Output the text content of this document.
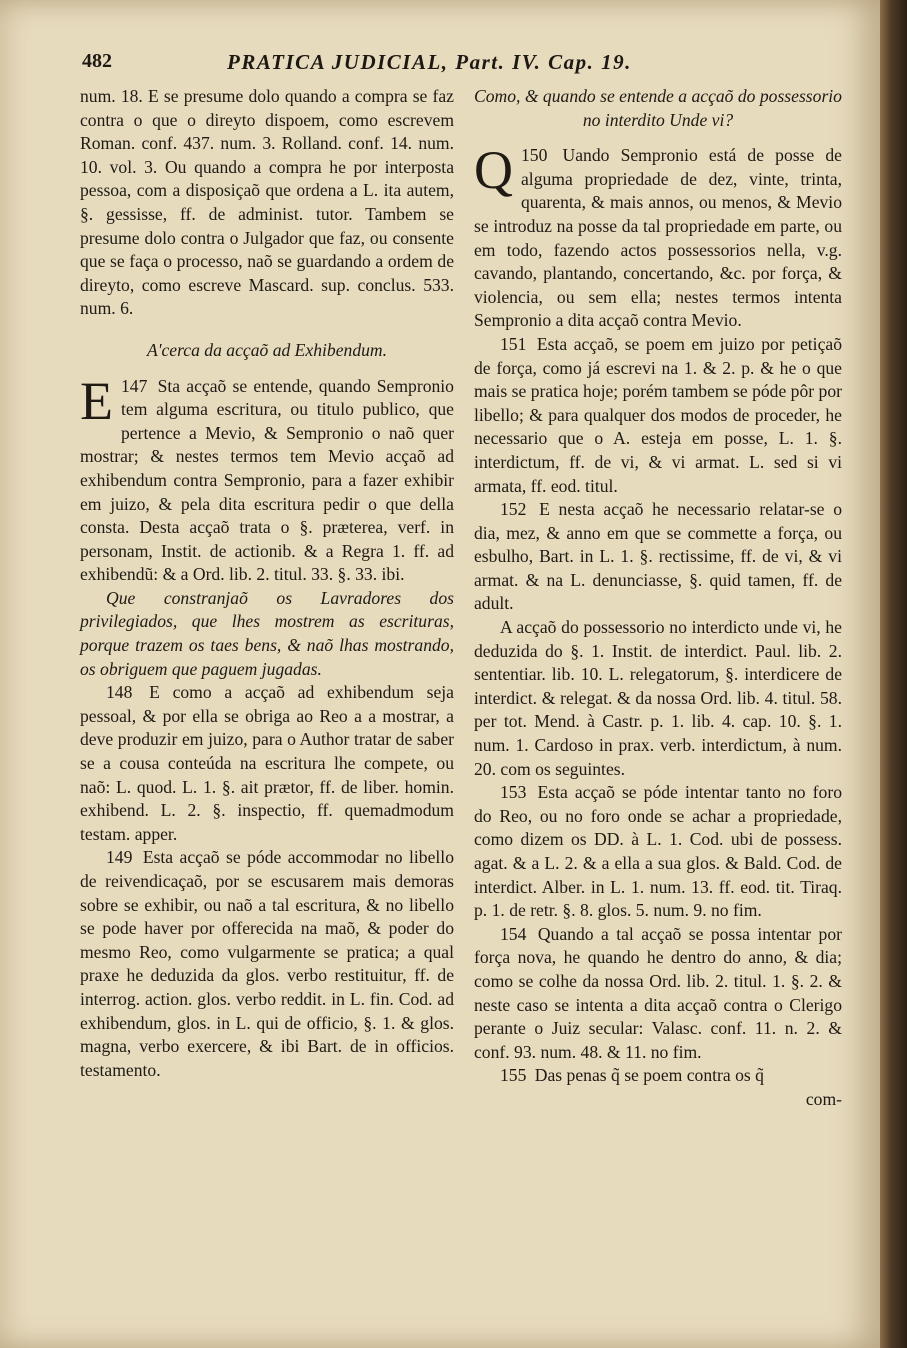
482	PRATICA JUDICIAL, Part. IV. Cap. 19.

num. 18. E se presume dolo quando a compra se faz contra o que o direyto dispoem, como escrevem Roman. conf. 437. num. 3. Rolland. conf. 14. num. 10. vol. 3. Ou quando a compra he por interposta pessoa, com a disposiçaõ que ordena a L. ita autem, §. gessisse, ff. de administ. tutor. Tambem se presume dolo contra o Julgador que faz, ou consente que se faça o processo, naõ se guardando a ordem de direyto, como escreve Mascard. sup. conclus. 533. num. 6.

A'cerca da acçaõ ad Exhibendum.

147
E	Sta acçaõ se entende, quando Sempronio tem alguma escritura, ou titulo publico, que pertence a Mevio, & Sempronio o naõ quer mostrar; & nestes termos tem Mevio acçaõ ad exhibendum contra Sempronio, para a fazer exhibir em juizo, & pela dita escritura pedir o que della consta. Desta acçaõ trata o §. præterea, verf. in personam, Instit. de actionib. & a Regra 1. ff. ad exhibendũ: & a Ord. lib. 2. titul. 33. §. 33. ibi.

Que constranjaõ os Lavradores dos privilegiados, que lhes mostrem as escrituras, porque trazem os taes bens, & naõ lhas mostrando, os obriguem que paguem jugadas.

148 E como a acçaõ ad exhibendum seja pessoal, & por ella se obriga ao Reo a a mostrar, a deve produzir em juizo, para o Author tratar de saber se a cousa conteúda na escritura lhe compete, ou naõ: L. quod. L. 1. §. ait prætor, ff. de liber. homin. exhibend. L. 2. §. inspectio, ff. quemadmodum testam. apper.

149 Esta acçaõ se póde accommodar no libello de reivendicaçaõ, por se escusarem mais demoras sobre se exhibir, ou naõ a tal escritura, & no libello se pode haver por offerecida na maõ, & poder do mesmo Reo, como vulgarmente se pratica; a qual praxe he deduzida da glos. verbo restituitur, ff. de interrog. action. glos. verbo reddit. in L. fin. Cod. ad exhibendum, glos. in L. qui de officio, §. 1. & glos. magna, verbo exercere, & ibi Bart. de in officios. testamento.

Como, & quando se entende a acçaõ do possessorio no interdito Unde vi?

150
Q	Uando Sempronio está de posse de alguma propriedade de dez, vinte, trinta, quarenta, & mais annos, ou menos, & Mevio se introduz na posse da tal propriedade em parte, ou em todo, fazendo actos possessorios nella, v.g. cavando, plantando, concertando, &c. por força, & violencia, ou sem ella; nestes termos intenta Sempronio a dita acçaõ contra Mevio.

151 Esta acçaõ, se poem em juizo por petiçaõ de força, como já escrevi na 1. & 2. p. & he o que mais se pratica hoje; porém tambem se póde pôr por libello; & para qualquer dos modos de proceder, he necessario que o A. esteja em posse, L. 1. §. interdictum, ff. de vi, & vi armat. L. sed si vi armata, ff. eod. titul.

152 E nesta acçaõ he necessario relatar-se o dia, mez, & anno em que se commette a força, ou esbulho, Bart. in L. 1. §. rectissime, ff. de vi, & vi armat. & na L. denunciasse, §. quid tamen, ff. de adult.

A acçaõ do possessorio no interdicto unde vi, he deduzida do §. 1. Instit. de interdict. Paul. lib. 2. sententiar. lib. 10. L. relegatorum, §. interdicere de interdict. & relegat. & da nossa Ord. lib. 4. titul. 58. per tot. Mend. à Castr. p. 1. lib. 4. cap. 10. §. 1. num. 1. Cardoso in prax. verb. interdictum, à num. 20. com os seguintes.

153 Esta acçaõ se póde intentar tanto no foro do Reo, ou no foro onde se achar a propriedade, como dizem os DD. à L. 1. Cod. ubi de possess. agat. & a L. 2. & a ella a sua glos. & Bald. Cod. de interdict. Alber. in L. 1. num. 13. ff. eod. tit. Tiraq. p. 1. de retr. §. 8. glos. 5. num. 9. no fim.

154 Quando a tal acçaõ se possa intentar por força nova, he quando he dentro do anno, & dia; como se colhe da nossa Ord. lib. 2. titul. 1. §. 2. & neste caso se intenta a dita acçaõ contra o Clerigo perante o Juiz secular: Valasc. conf. 11. n. 2. & conf. 93. num. 48. & 11. no fim.

155 Das penas q̃ se poem contra os q̃

com-
